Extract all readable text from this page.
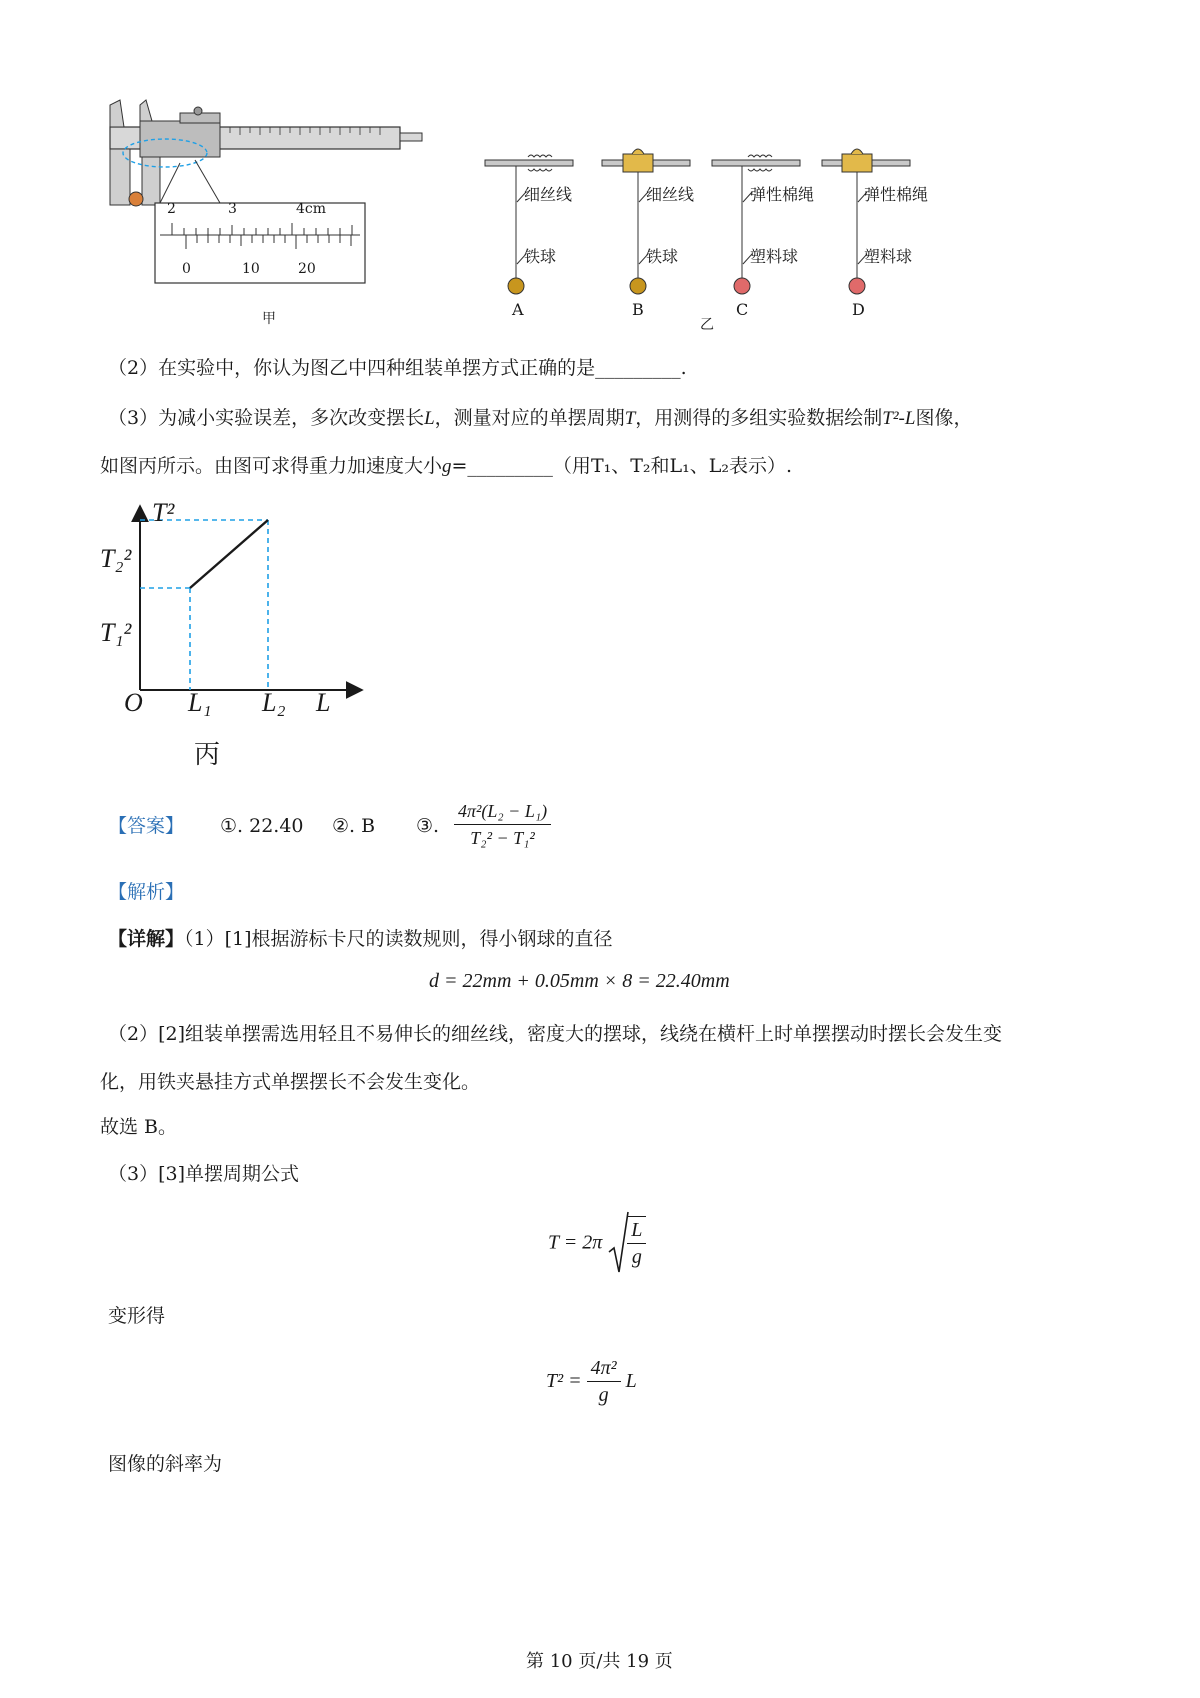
2	3	4cm
0	10	20
甲
细丝线
铁球
A
细丝线
铁球
B
弹性棉绳
塑料球
C
弹性棉绳
塑料球
D
乙
（2）在实验中，你认为图乙中四种组装单摆方式正确的是_________.
（3）为减小实验误差，多次改变摆长L，测量对应的单摆周期T，用测得的多组实验数据绘制T²-L图像，
如图丙所示。由图可求得重力加速度大小g=_________（用T₁、T₂和L₁、L₂表示）.
T²
O
T₂²
T₁²
L₁ L₂ L
丙
【答案】 ①. 22.40 ②. B ③. $\frac{\text{4π²(L₂ − L₁)}}{\text{T₂² − T₁²}}$
【解析】
【详解】（1）[1]根据游标卡尺的读数规则，得小钢球的直径
d = 22mm + 0.05mm × 8 = 22.40mm
（2）[2]组装单摆需选用轻且不易伸长的细丝线，密度大的摆球，线绕在横杆上时单摆摆动时摆长会发生变
化，用铁夹悬挂方式单摆摆长不会发生变化。
故选 B。
（3）[3]单摆周期公式
$T = 2\pi \frac{L}{g}$
变形得
$T^2 = \frac{\text{4π²}}{g}$ L
图像的斜率为
第 10 页/共 19 页
